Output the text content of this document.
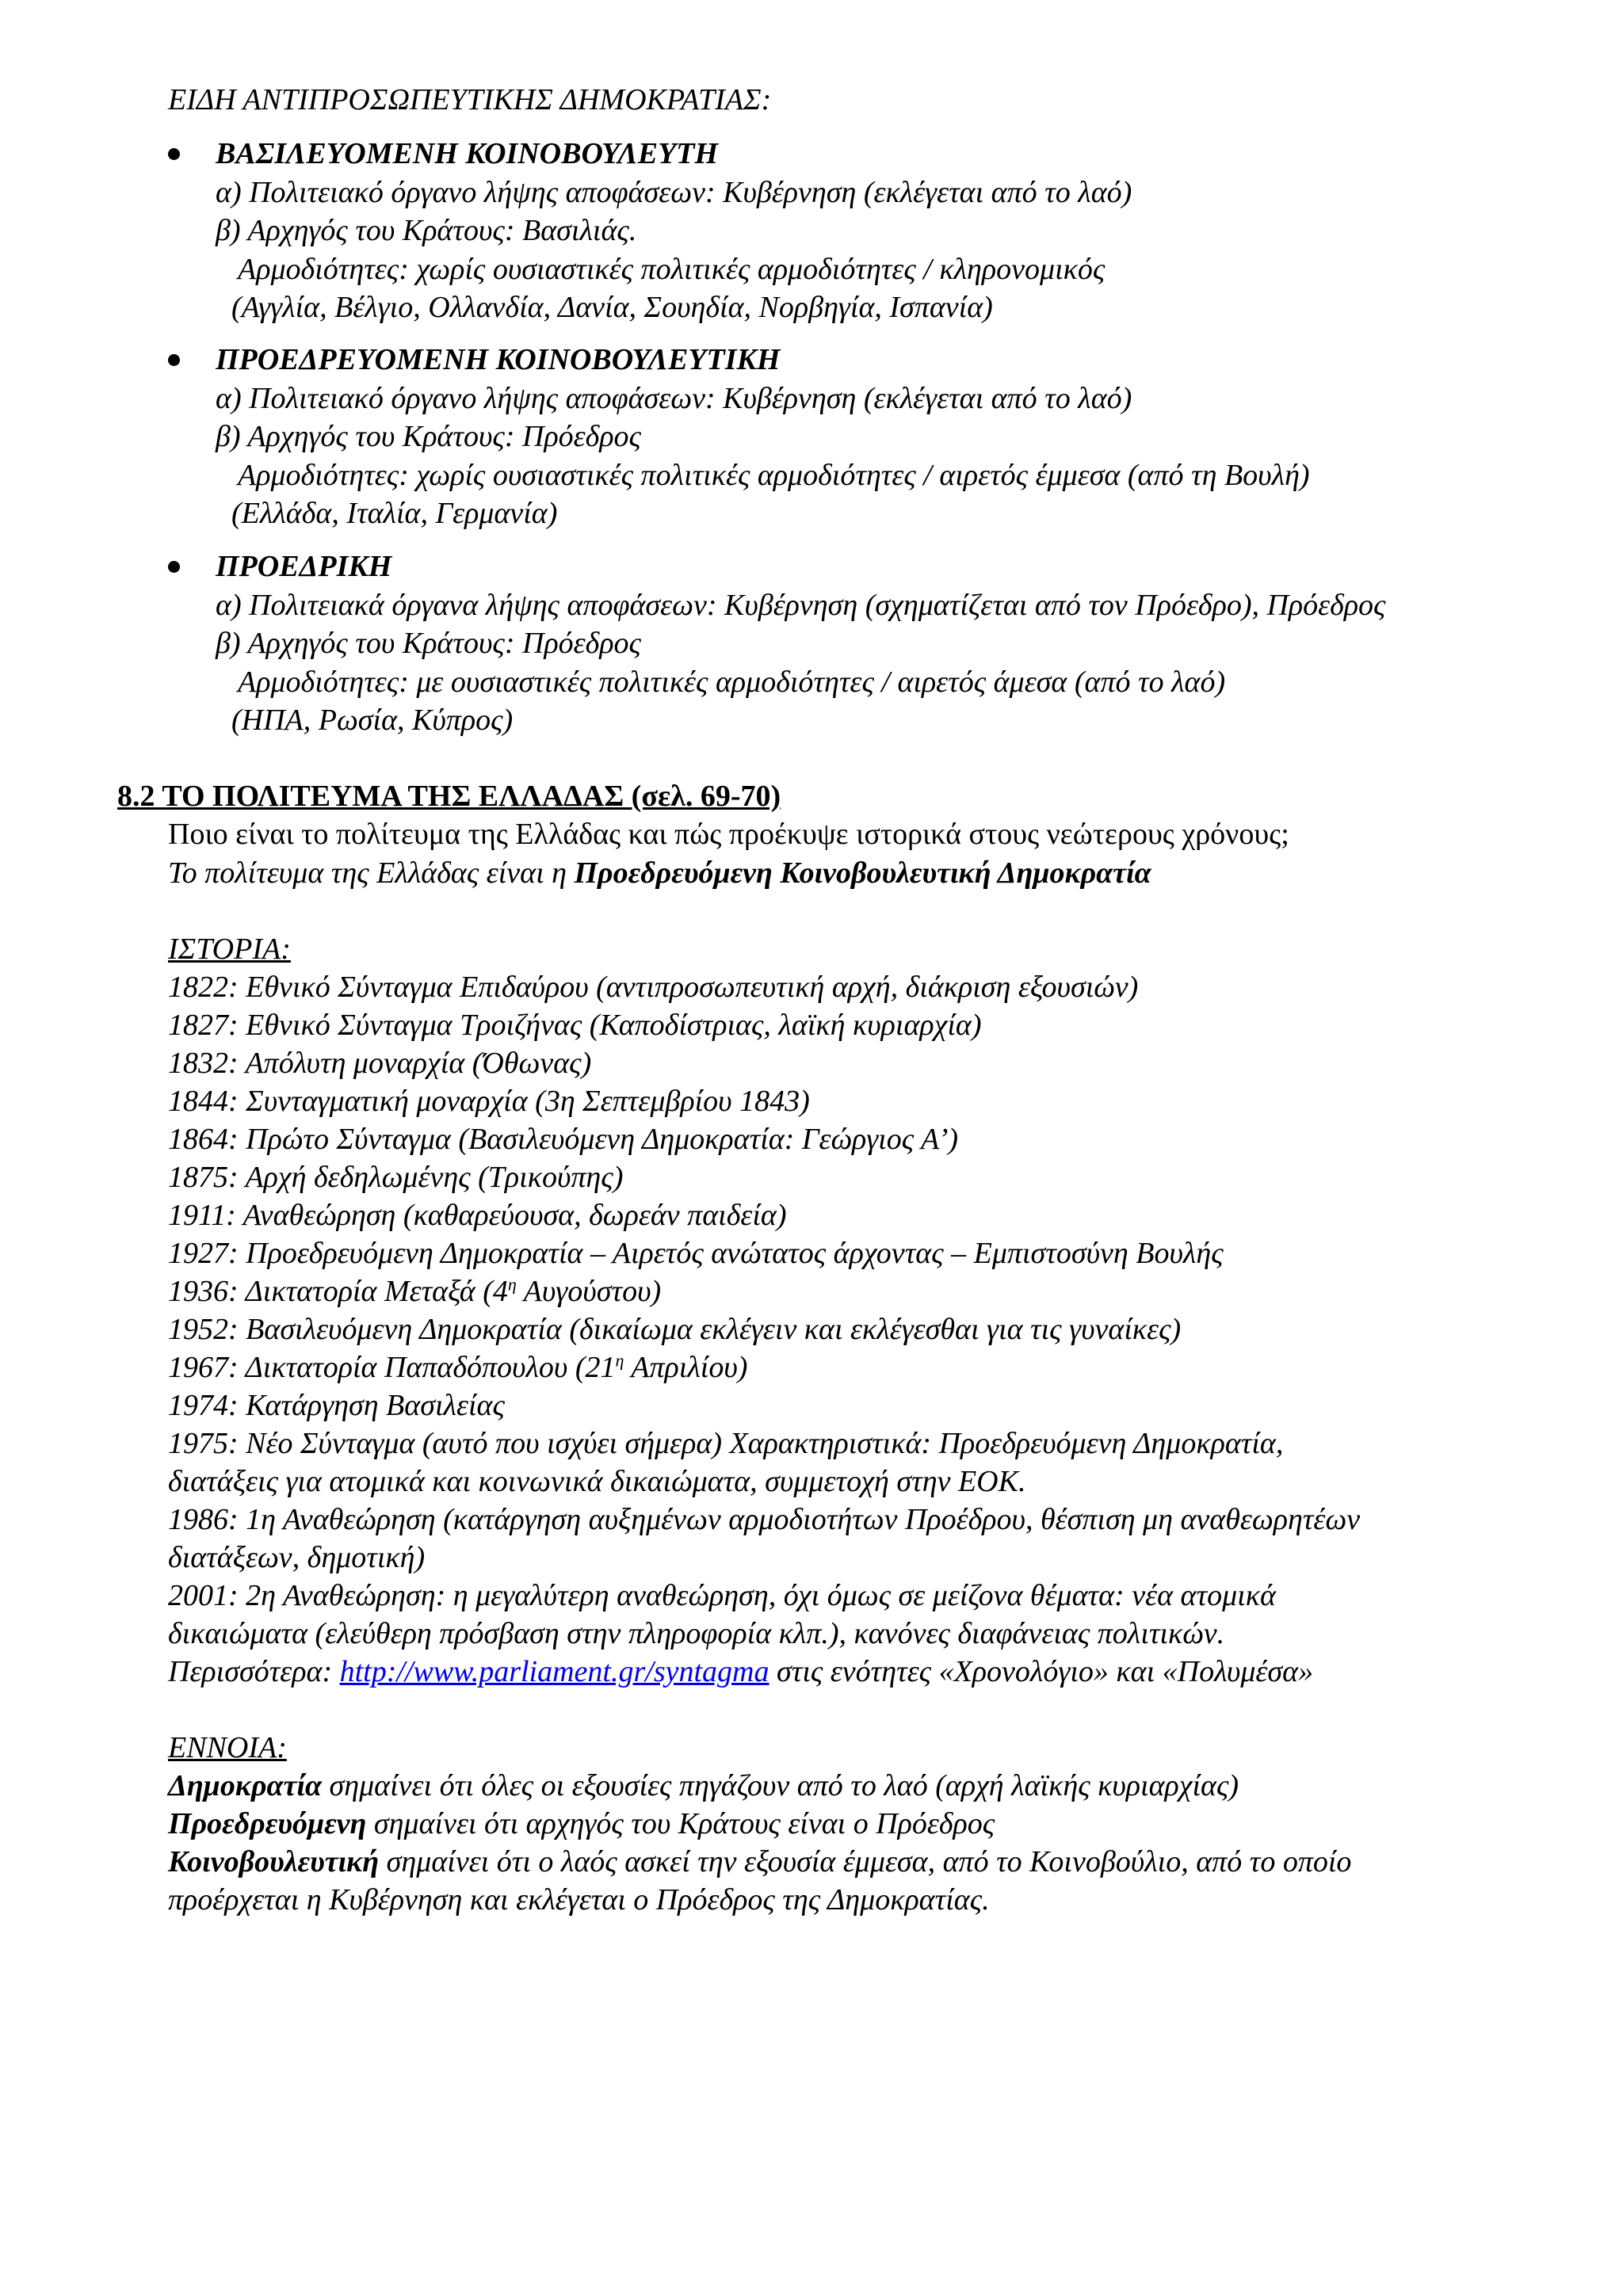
ΕΙΔΗ ΑΝΤΙΠΡΟΣΩΠΕΥΤΙΚΗΣ ΔΗΜΟΚΡΑΤΙΑΣ:
ΒΑΣΙΛΕΥΟΜΕΝΗ ΚΟΙΝΟΒΟΥΛΕΥΤΗ
α) Πολιτειακό όργανο λήψης αποφάσεων: Κυβέρνηση (εκλέγεται από το λαό)
β) Αρχηγός του Κράτους: Βασιλιάς.
Αρμοδιότητες: χωρίς ουσιαστικές πολιτικές αρμοδιότητες / κληρονομικός
(Αγγλία, Βέλγιο, Ολλανδία, Δανία, Σουηδία, Νορβηγία, Ισπανία)
ΠΡΟΕΔΡΕΥΟΜΕΝΗ ΚΟΙΝΟΒΟΥΛΕΥΤΙΚΗ
α) Πολιτειακό όργανο λήψης αποφάσεων: Κυβέρνηση (εκλέγεται από το λαό)
β) Αρχηγός του Κράτους: Πρόεδρος
Αρμοδιότητες: χωρίς ουσιαστικές πολιτικές αρμοδιότητες / αιρετός έμμεσα (από τη Βουλή)
(Ελλάδα, Ιταλία, Γερμανία)
ΠΡΟΕΔΡΙΚΗ
α) Πολιτειακά όργανα λήψης αποφάσεων: Κυβέρνηση (σχηματίζεται από τον Πρόεδρο), Πρόεδρος
β) Αρχηγός του Κράτους: Πρόεδρος
Αρμοδιότητες: με ουσιαστικές πολιτικές αρμοδιότητες / αιρετός άμεσα (από το λαό)
(ΗΠΑ, Ρωσία, Κύπρος)
8.2 ΤΟ ΠΟΛΙΤΕΥΜΑ ΤΗΣ ΕΛΛΑΔΑΣ (σελ. 69-70)
Ποιο είναι το πολίτευμα της Ελλάδας και πώς προέκυψε ιστορικά στους νεώτερους χρόνους;
Το πολίτευμα της Ελλάδας είναι η Προεδρευόμενη Κοινοβουλευτική Δημοκρατία
ΙΣΤΟΡΙΑ:
1822: Εθνικό Σύνταγμα Επιδαύρου (αντιπροσωπευτική αρχή, διάκριση εξουσιών)
1827: Εθνικό Σύνταγμα Τροιζήνας (Καποδίστριας, λαϊκή κυριαρχία)
1832: Απόλυτη μοναρχία (Όθωνας)
1844: Συνταγματική μοναρχία (3η Σεπτεμβρίου 1843)
1864: Πρώτο Σύνταγμα (Βασιλευόμενη Δημοκρατία: Γεώργιος Α’)
1875: Αρχή δεδηλωμένης (Τρικούπης)
1911: Αναθεώρηση (καθαρεύουσα, δωρεάν παιδεία)
1927: Προεδρευόμενη Δημοκρατία – Αιρετός ανώτατος άρχοντας – Εμπιστοσύνη Βουλής
1936: Δικτατορία Μεταξά ($4^\eta$ Αυγούστου)
1952: Βασιλευόμενη Δημοκρατία (δικαίωμα εκλέγειν και εκλέγεσθαι για τις γυναίκες)
1967: Δικτατορία Παπαδόπουλου ($21^\eta$ Απριλίου)
1974: Κατάργηση Βασιλείας
1975: Νέο Σύνταγμα (αυτό που ισχύει σήμερα) Χαρακτηριστικά: Προεδρευόμενη Δημοκρατία,
διατάξεις για ατομικά και κοινωνικά δικαιώματα, συμμετοχή στην ΕΟΚ.
1986: 1η Αναθεώρηση (κατάργηση αυξημένων αρμοδιοτήτων Προέδρου, θέσπιση μη αναθεωρητέων
διατάξεων, δημοτική)
2001: 2η Αναθεώρηση: η μεγαλύτερη αναθεώρηση, όχι όμως σε μείζονα θέματα: νέα ατομικά
δικαιώματα (ελεύθερη πρόσβαση στην πληροφορία κλπ.), κανόνες διαφάνειας πολιτικών.
Περισσότερα: http://www.parliament.gr/syntagma στις ενότητες «Χρονολόγιο» και «Πολυμέσα»
ΕΝΝΟΙΑ:
Δημοκρατία σημαίνει ότι όλες οι εξουσίες πηγάζουν από το λαό (αρχή λαϊκής κυριαρχίας)
Προεδρευόμενη σημαίνει ότι αρχηγός του Κράτους είναι ο Πρόεδρος
Κοινοβουλευτική σημαίνει ότι ο λαός ασκεί την εξουσία έμμεσα, από το Κοινοβούλιο, από το οποίο
προέρχεται η Κυβέρνηση και εκλέγεται ο Πρόεδρος της Δημοκρατίας.
